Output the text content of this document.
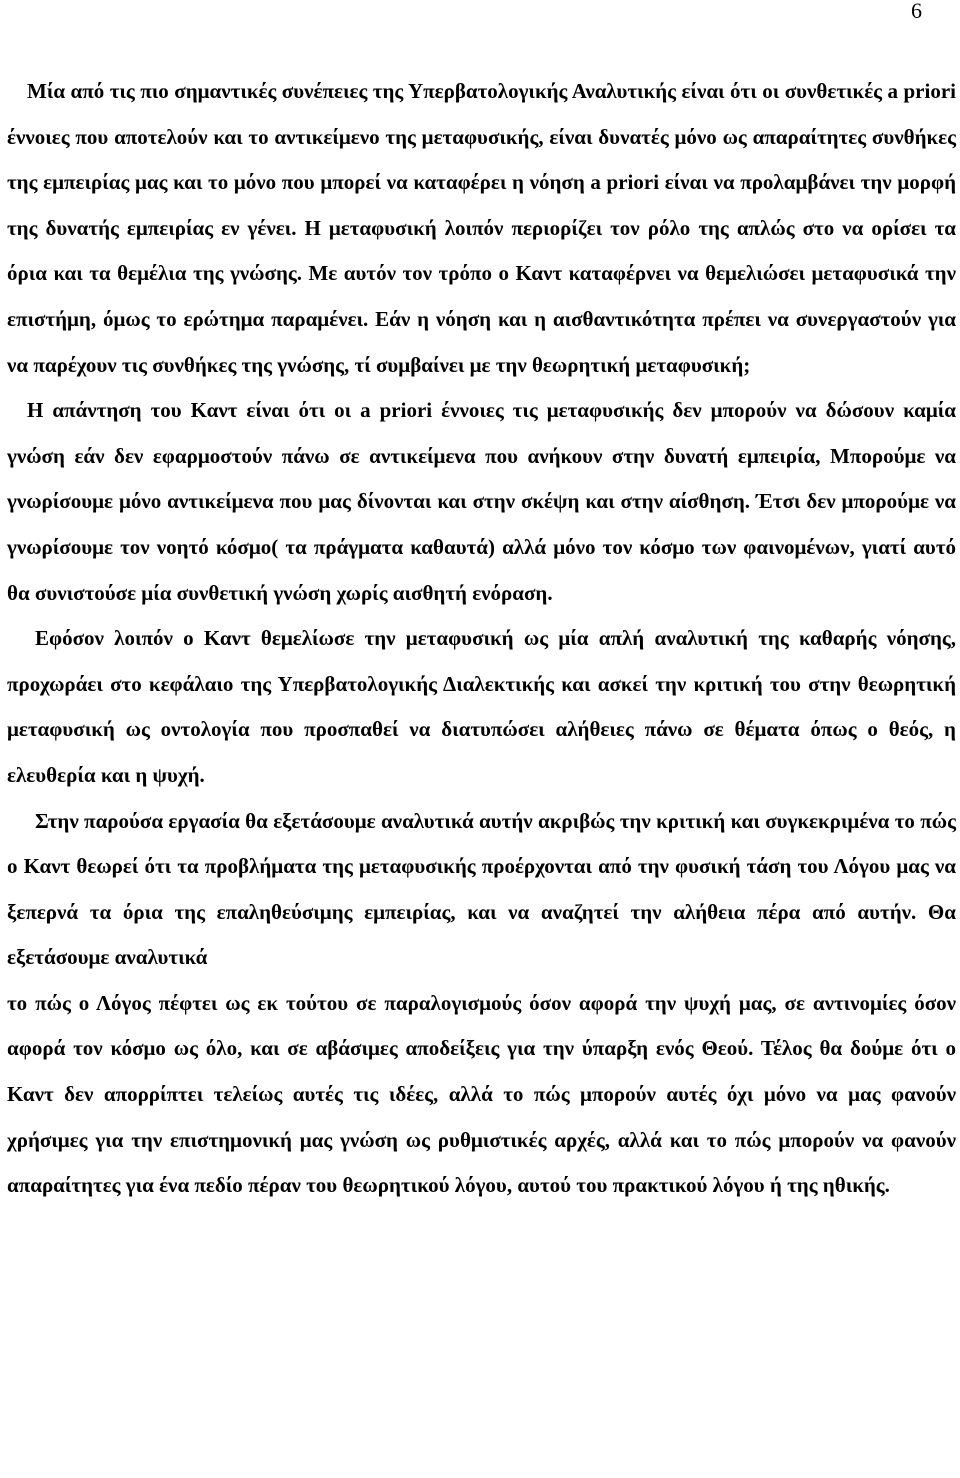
6

Μία από τις πιο σημαντικές συνέπειες της Υπερβατολογικής Αναλυτικής είναι ότι οι συνθετικές a priori έννοιες που αποτελούν και το αντικείμενο της μεταφυσικής, είναι δυνατές μόνο ως απαραίτητες συνθήκες της εμπειρίας μας και το μόνο που μπορεί να καταφέρει η νόηση a priori είναι να προλαμβάνει την μορφή της δυνατής εμπειρίας εν γένει. Η μεταφυσική λοιπόν περιορίζει τον ρόλο της απλώς στο να ορίσει τα όρια και τα θεμέλια της γνώσης. Με αυτόν τον τρόπο ο Καντ καταφέρνει να θεμελιώσει μεταφυσικά την επιστήμη, όμως το ερώτημα παραμένει. Εάν η νόηση και η αισθαντικότητα πρέπει να συνεργαστούν για να παρέχουν τις συνθήκες της γνώσης, τί συμβαίνει με την θεωρητική μεταφυσική;

Η απάντηση του Καντ είναι ότι οι a priori έννοιες τις μεταφυσικής δεν μπορούν να δώσουν καμία γνώση εάν δεν εφαρμοστούν πάνω σε αντικείμενα που ανήκουν στην δυνατή εμπειρία, Μπορούμε να γνωρίσουμε μόνο αντικείμενα που μας δίνονται και στην σκέψη και στην αίσθηση. Έτσι δεν μπορούμε να γνωρίσουμε τον νοητό κόσμο( τα πράγματα καθαυτά) αλλά μόνο τον κόσμο των φαινομένων, γιατί αυτό θα συνιστούσε μία συνθετική γνώση χωρίς αισθητή ενόραση.

Εφόσον λοιπόν ο Καντ θεμελίωσε την μεταφυσική ως μία απλή αναλυτική της καθαρής νόησης, προχωράει στο κεφάλαιο της Υπερβατολογικής Διαλεκτικής και ασκεί την κριτική του στην θεωρητική μεταφυσική ως οντολογία που προσπαθεί να διατυπώσει αλήθειες πάνω σε θέματα όπως ο θεός, η ελευθερία και η ψυχή.

Στην παρούσα εργασία θα εξετάσουμε αναλυτικά αυτήν ακριβώς την κριτική και συγκεκριμένα το πώς ο Καντ θεωρεί ότι τα προβλήματα της μεταφυσικής προέρχονται από την φυσική τάση του Λόγου μας να ξεπερνά τα όρια της επαληθεύσιμης εμπειρίας, και να αναζητεί την αλήθεια πέρα από αυτήν. Θα εξετάσουμε αναλυτικά

το πώς ο Λόγος πέφτει ως εκ τούτου σε παραλογισμούς όσον αφορά την ψυχή μας, σε αντινομίες όσον αφορά τον κόσμο ως όλο, και σε αβάσιμες αποδείξεις για την ύπαρξη ενός Θεού. Τέλος θα δούμε ότι ο Καντ δεν απορρίπτει τελείως αυτές τις ιδέες, αλλά το πώς μπορούν αυτές όχι μόνο να μας φανούν χρήσιμες για την επιστημονική μας γνώση ως ρυθμιστικές αρχές, αλλά και το πώς μπορούν να φανούν απαραίτητες για ένα πεδίο πέραν του θεωρητικού λόγου, αυτού του πρακτικού λόγου ή της ηθικής.
